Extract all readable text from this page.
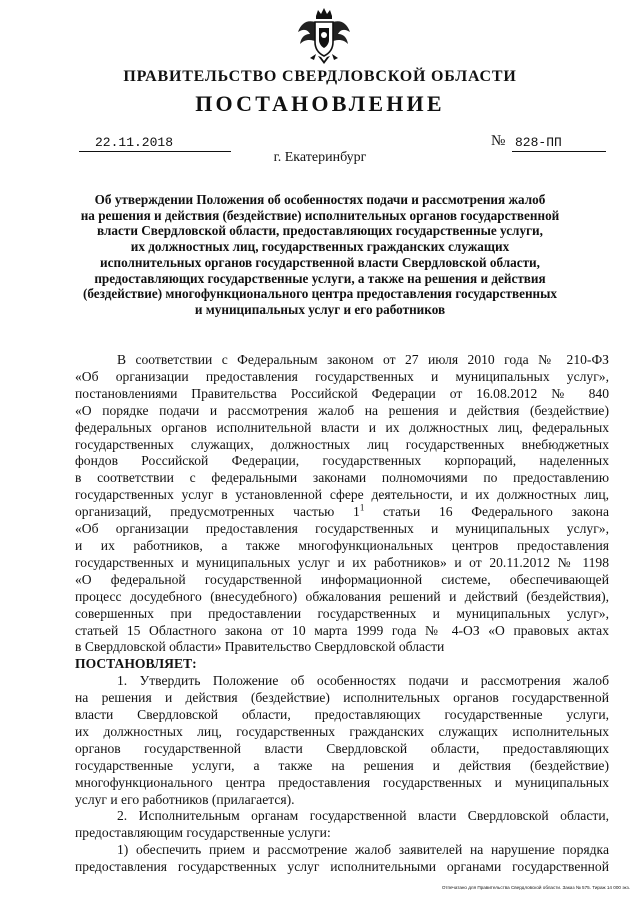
ПРАВИТЕЛЬСТВО СВЕРДЛОВСКОЙ ОБЛАСТИ
ПОСТАНОВЛЕНИЕ
22.11.2018	№ 828-ПП
г. Екатеринбург
Об утверждении Положения об особенностях подачи и рассмотрения жалоб
на решения и действия (бездействие) исполнительных органов государственной
власти Свердловской области, предоставляющих государственные услуги,
их должностных лиц, государственных гражданских служащих
исполнительных органов государственной власти Свердловской области,
предоставляющих государственные услуги, а также на решения и действия
(бездействие) многофункционального центра предоставления государственных
и муниципальных услуг и его работников
В соответствии с Федеральным законом от 27 июля 2010 года № 210-ФЗ
«Об организации предоставления государственных и муниципальных услуг»,
постановлениями Правительства Российской Федерации от 16.08.2012 № 840
«О порядке подачи и рассмотрения жалоб на решения и действия (бездействие)
федеральных органов исполнительной власти и их должностных лиц, федеральных
государственных служащих, должностных лиц государственных внебюджетных
фондов Российской Федерации, государственных корпораций, наделенных
в соответствии с федеральными законами полномочиями по предоставлению
государственных услуг в установленной сфере деятельности, и их должностных лиц,
организаций, предусмотренных частью $1^1$ статьи 16 Федерального закона
«Об организации предоставления государственных и муниципальных услуг»,
и их работников, а также многофункциональных центров предоставления
государственных и муниципальных услуг и их работников» и от 20.11.2012 № 1198
«О федеральной государственной информационной системе, обеспечивающей
процесс досудебного (внесудебного) обжалования решений и действий (бездействия),
совершенных при предоставлении государственных и муниципальных услуг»,
статьей 15 Областного закона от 10 марта 1999 года № 4-ОЗ «О правовых актах
в Свердловской области» Правительство Свердловской области
ПОСТАНОВЛЯЕТ:
1. Утвердить Положение об особенностях подачи и рассмотрения жалоб
на решения и действия (бездействие) исполнительных органов государственной
власти Свердловской области, предоставляющих государственные услуги,
их должностных лиц, государственных гражданских служащих исполнительных
органов государственной власти Свердловской области, предоставляющих
государственные услуги, а также на решения и действия (бездействие)
многофункционального центра предоставления государственных и муниципальных
услуг и его работников (прилагается).
2. Исполнительным органам государственной власти Свердловской области,
предоставляющим государственные услуги:
1) обеспечить прием и рассмотрение жалоб заявителей на нарушение порядка
предоставления государственных услуг исполнительными органами государственной
Отпечатано для Правительства Свердловской области. Заказ № 575. Тираж 14 000 экз.
